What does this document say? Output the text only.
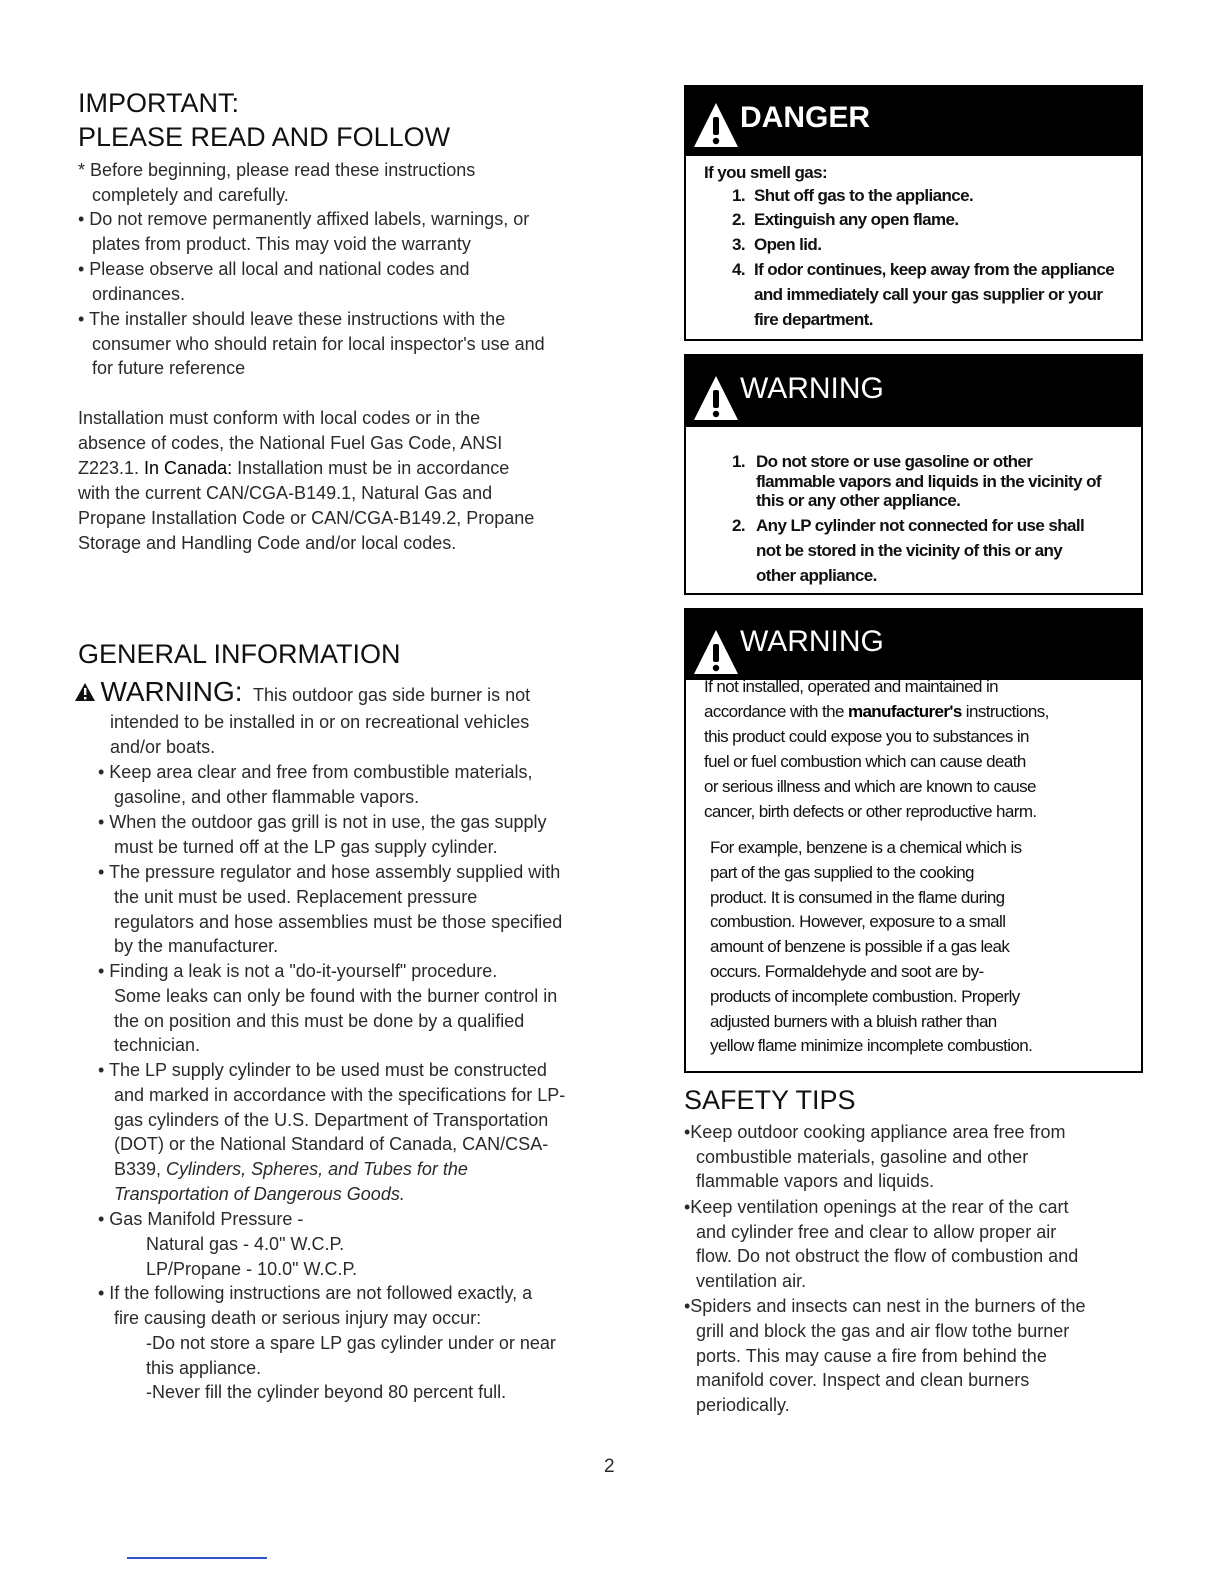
IMPORTANT:
PLEASE READ AND FOLLOW
GENERAL INFORMATION
WARNING: This outdoor gas side burner is not
SAFETY TIPS
DANGER
WARNING
WARNING
* Before beginning, please read these instructions
completely and carefully.
• Do not remove permanently affixed labels, warnings, or
plates from product. This may void the warranty
• Please observe all local and national codes and
ordinances.
• The installer should leave these instructions with the
consumer who should retain for local inspector's use and
for future reference
Installation must conform with local codes or in the
absence of codes, the National Fuel Gas Code, ANSI
Z223.1. In Canada: Installation must be in accordance
with the current CAN/CGA-B149.1, Natural Gas and
Propane Installation Code or CAN/CGA-B149.2, Propane
Storage and Handling Code and/or local codes.
intended to be installed in or on recreational vehicles
and/or boats.
• Keep area clear and free from combustible materials,
gasoline, and other flammable vapors.
• When the outdoor gas grill is not in use, the gas supply
must be turned off at the LP gas supply cylinder.
• The pressure regulator and hose assembly supplied with
the unit must be used. Replacement pressure
regulators and hose assemblies must be those specified
by the manufacturer.
• Finding a leak is not a "do-it-yourself" procedure.
Some leaks can only be found with the burner control in
the on position and this must be done by a qualified
technician.
• The LP supply cylinder to be used must be constructed
and marked in accordance with the specifications for LP-
gas cylinders of the U.S. Department of Transportation
(DOT) or the National Standard of Canada, CAN/CSA-
B339, Cylinders, Spheres, and Tubes for the
Transportation of Dangerous Goods.
• Gas Manifold Pressure -
Natural gas - 4.0" W.C.P.
LP/Propane - 10.0" W.C.P.
• If the following instructions are not followed exactly, a
fire causing death or serious injury may occur:
-Do not store a spare LP gas cylinder under or near
this appliance.
-Never fill the cylinder beyond 80 percent full.
If not installed, operated and maintained in
accordance with the manufacturer's instructions,
this product could expose you to substances in
fuel or fuel combustion which can cause death
or serious illness and which are known to cause
cancer, birth defects or other reproductive harm.
For example, benzene is a chemical which is
part of the gas supplied to the cooking
product. It is consumed in the flame during
combustion. However, exposure to a small
amount of benzene is possible if a gas leak
occurs. Formaldehyde and soot are by-
products of incomplete combustion. Properly
adjusted burners with a bluish rather than
yellow flame minimize incomplete combustion.
•Keep outdoor cooking appliance area free from
combustible materials, gasoline and other
flammable vapors and liquids.
•Keep ventilation openings at the rear of the cart
and cylinder free and clear to allow proper air
flow. Do not obstruct the flow of combustion and
ventilation air.
•Spiders and insects can nest in the burners of the
grill and block the gas and air flow tothe burner
ports. This may cause a fire from behind the
manifold cover. Inspect and clean burners
periodically.
If you smell gas:
1. Shut off gas to the appliance.
2. Extinguish any open flame.
3. Open lid.
4. If odor continues, keep away from the appliance
and immediately call your gas supplier or your
fire department.
1. Do not store or use gasoline or other
flammable vapors and liquids in the vicinity of
this or any other appliance.
2. Any LP cylinder not connected for use shall
not be stored in the vicinity of this or any
other appliance.
2
